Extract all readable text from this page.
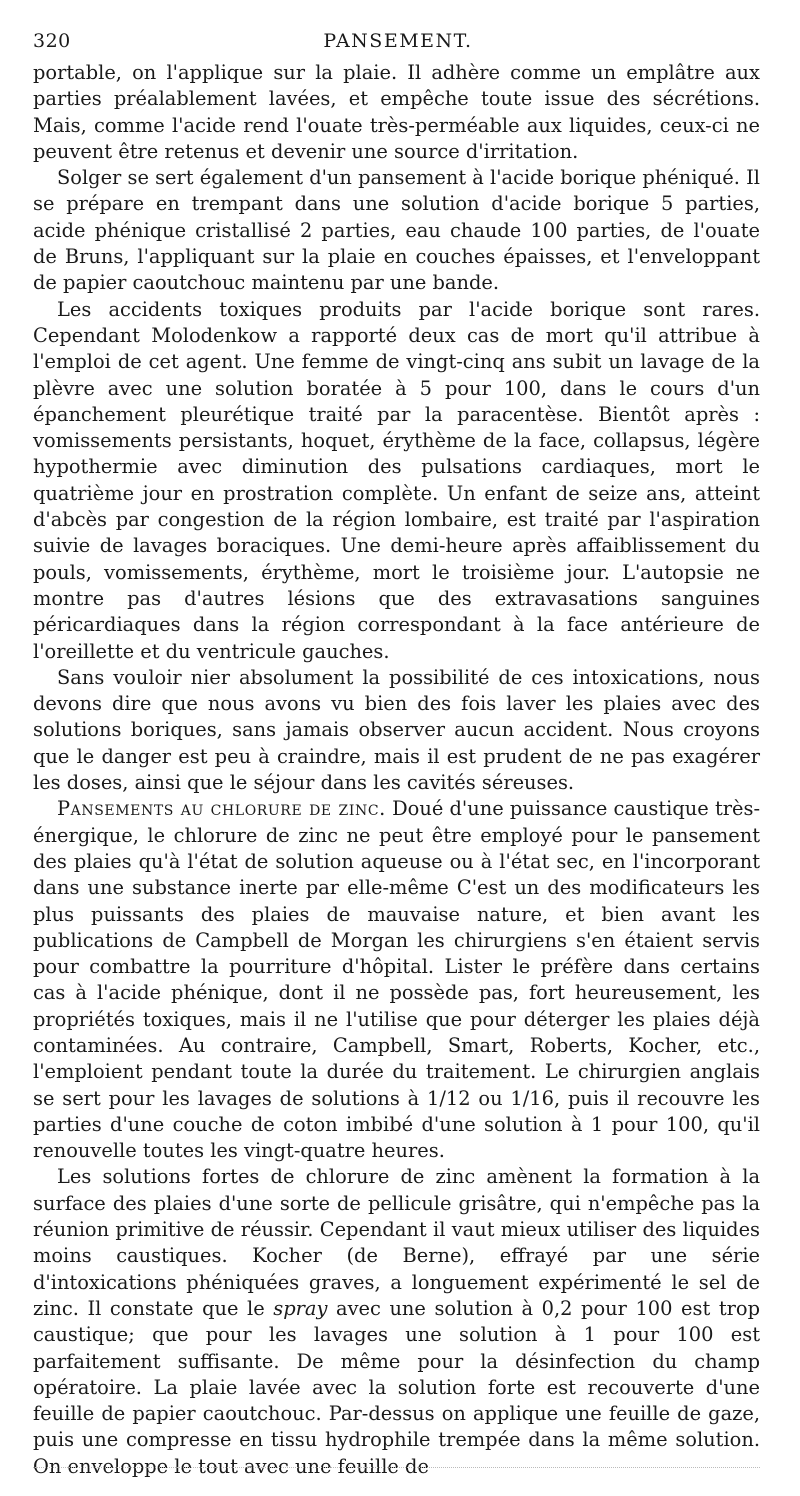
320	PANSEMENT.

portable, on l'applique sur la plaie. Il adhère comme un emplâtre aux parties préalablement lavées, et empêche toute issue des sécrétions. Mais, comme l'acide rend l'ouate très-perméable aux liquides, ceux-ci ne peuvent être retenus et devenir une source d'irritation.

Solger se sert également d'un pansement à l'acide borique phéniqué. Il se prépare en trempant dans une solution d'acide borique 5 parties, acide phénique cristallisé 2 parties, eau chaude 100 parties, de l'ouate de Bruns, l'appliquant sur la plaie en couches épaisses, et l'enveloppant de papier caoutchouc maintenu par une bande.

Les accidents toxiques produits par l'acide borique sont rares. Cependant Molodenkow a rapporté deux cas de mort qu'il attribue à l'emploi de cet agent. Une femme de vingt-cinq ans subit un lavage de la plèvre avec une solution boratée à 5 pour 100, dans le cours d'un épanchement pleurétique traité par la paracentèse. Bientôt après : vomissements persistants, hoquet, érythème de la face, collapsus, légère hypothermie avec diminution des pulsations cardiaques, mort le quatrième jour en prostration complète. Un enfant de seize ans, atteint d'abcès par congestion de la région lombaire, est traité par l'aspiration suivie de lavages boraciques. Une demi-heure après affaiblissement du pouls, vomissements, érythème, mort le troisième jour. L'autopsie ne montre pas d'autres lésions que des extravasations sanguines péricardiaques dans la région correspondant à la face antérieure de l'oreillette et du ventricule gauches.

Sans vouloir nier absolument la possibilité de ces intoxications, nous devons dire que nous avons vu bien des fois laver les plaies avec des solutions boriques, sans jamais observer aucun accident. Nous croyons que le danger est peu à craindre, mais il est prudent de ne pas exagérer les doses, ainsi que le séjour dans les cavités séreuses.

Pansements au chlorure de zinc. Doué d'une puissance caustique très-énergique, le chlorure de zinc ne peut être employé pour le pansement des plaies qu'à l'état de solution aqueuse ou à l'état sec, en l'incorporant dans une substance inerte par elle-même C'est un des modificateurs les plus puissants des plaies de mauvaise nature, et bien avant les publications de Campbell de Morgan les chirurgiens s'en étaient servis pour combattre la pourriture d'hôpital. Lister le préfère dans certains cas à l'acide phénique, dont il ne possède pas, fort heureusement, les propriétés toxiques, mais il ne l'utilise que pour déterger les plaies déjà contaminées. Au contraire, Campbell, Smart, Roberts, Kocher, etc., l'emploient pendant toute la durée du traitement. Le chirurgien anglais se sert pour les lavages de solutions à 1/12 ou 1/16, puis il recouvre les parties d'une couche de coton imbibé d'une solution à 1 pour 100, qu'il renouvelle toutes les vingt-quatre heures.

Les solutions fortes de chlorure de zinc amènent la formation à la surface des plaies d'une sorte de pellicule grisâtre, qui n'empêche pas la réunion primitive de réussir. Cependant il vaut mieux utiliser des liquides moins caustiques. Kocher (de Berne), effrayé par une série d'intoxications phéniquées graves, a longuement expérimenté le sel de zinc. Il constate que le spray avec une solution à 0,2 pour 100 est trop caustique; que pour les lavages une solution à 1 pour 100 est parfaitement suffisante. De même pour la désinfection du champ opératoire. La plaie lavée avec la solution forte est recouverte d'une feuille de papier caoutchouc. Par-dessus on applique une feuille de gaze, puis une compresse en tissu hydrophile trempée dans la même solution. On enveloppe le tout avec une feuille de
